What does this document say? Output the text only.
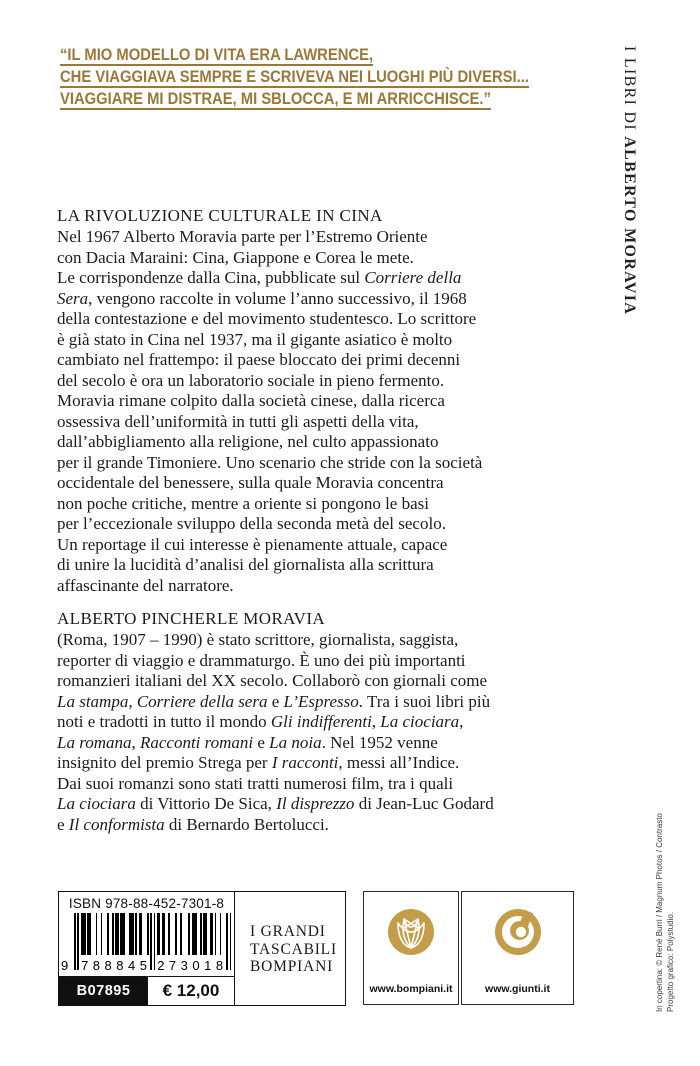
“IL MIO MODELLO DI VITA ERA LAWRENCE,
CHE VIAGGIAVA SEMPRE E SCRIVEVA NEI LUOGHI PIÙ DIVERSI...
VIAGGIARE MI DISTRAE, MI SBLOCCA, E MI ARRICCHISCE.”	I LIBRI DI ALBERTO MORAVIA
LA RIVOLUZIONE CULTURALE IN CINA
Nel 1967 Alberto Moravia parte per l’Estremo Oriente
con Dacia Maraini: Cina, Giappone e Corea le mete.
Le corrispondenze dalla Cina, pubblicate sul Corriere della
Sera, vengono raccolte in volume l’anno successivo, il 1968
della contestazione e del movimento studentesco. Lo scrittore
è già stato in Cina nel 1937, ma il gigante asiatico è molto
cambiato nel frattempo: il paese bloccato dei primi decenni
del secolo è ora un laboratorio sociale in pieno fermento.
Moravia rimane colpito dalla società cinese, dalla ricerca
ossessiva dell’uniformità in tutti gli aspetti della vita,
dall’abbigliamento alla religione, nel culto appassionato
per il grande Timoniere. Uno scenario che stride con la società
occidentale del benessere, sulla quale Moravia concentra
non poche critiche, mentre a oriente si pongono le basi
per l’eccezionale sviluppo della seconda metà del secolo.
Un reportage il cui interesse è pienamente attuale, capace
di unire la lucidità d’analisi del giornalista alla scrittura
affascinante del narratore.
ALBERTO PINCHERLE MORAVIA
(Roma, 1907 – 1990) è stato scrittore, giornalista, saggista,
reporter di viaggio e drammaturgo. È uno dei più importanti
romanzieri italiani del XX secolo. Collaborò con giornali come
La stampa, Corriere della sera e L’Espresso. Tra i suoi libri più
noti e tradotti in tutto il mondo Gli indifferenti, La ciociara,
La romana, Racconti romani e La noia. Nel 1952 venne
insignito del premio Strega per I racconti, messi all’Indice.
Dai suoi romanzi sono stati tratti numerosi film, tra i quali
La ciociara di Vittorio De Sica, Il disprezzo di Jean-Luc Godard
e Il conformista di Bernardo Bertolucci.
ISBN 978-88-452-7301-8
9 788845 273018
I GRANDI
TASCABILI
BOMPIANI
B07895	€ 12,00	www.bompiani.it	www.giunti.it	In copertina: © René Burri / Magnum Photos / Contrasto Progetto grafico: Polystudio.
